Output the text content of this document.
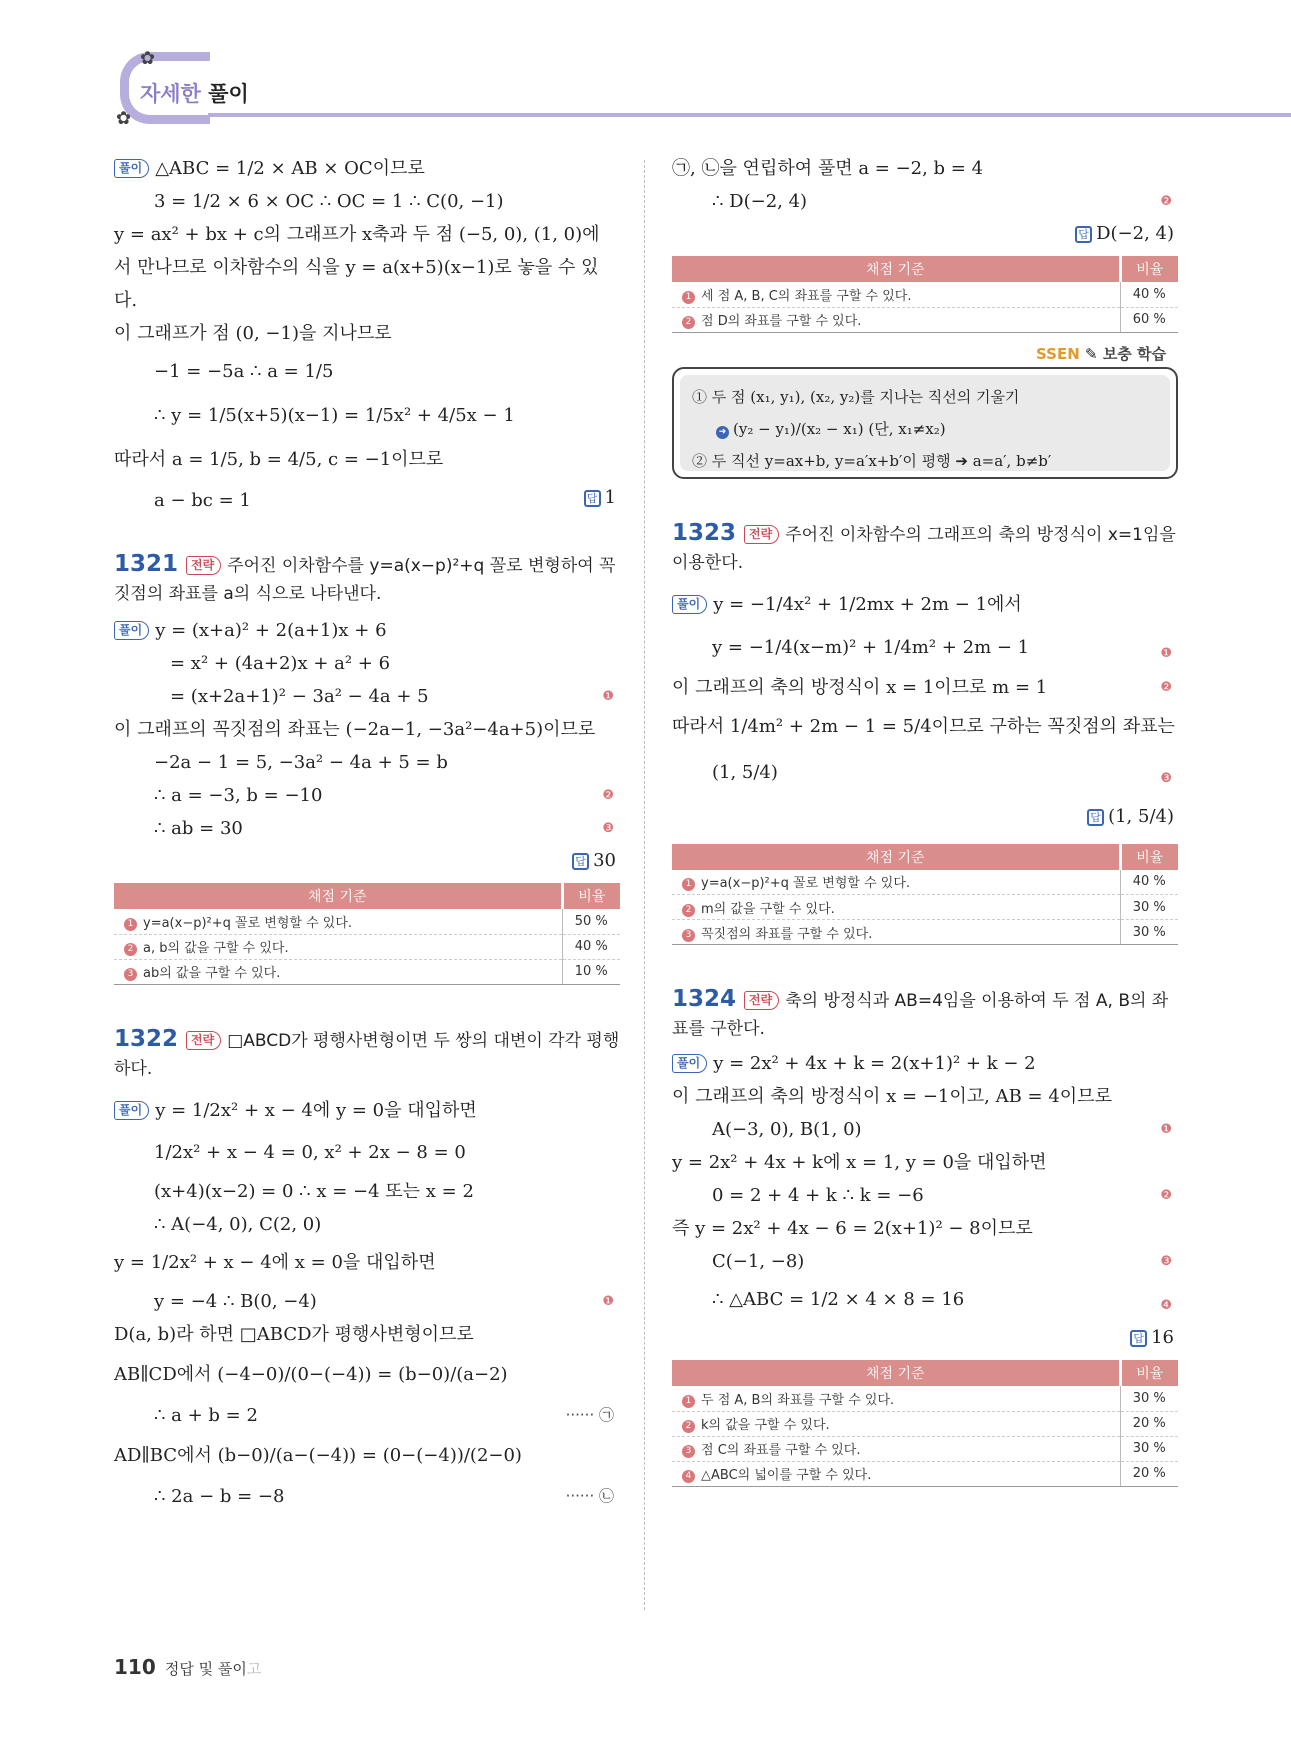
✿
✿
자세한 풀이
풀이 △ABC = 1/2 × AB × OC이므로
3 = 1/2 × 6 × OC ∴ OC = 1 ∴ C(0, −1)
y = ax² + bx + c의 그래프가 x축과 두 점 (−5, 0), (1, 0)에 서 만나므로 이차함수의 식을 y = a(x+5)(x−1)로 놓을 수 있다.
이 그래프가 점 (0, −1)을 지나므로
−1 = −5a ∴ a = 1/5
∴ y = 1/5(x+5)(x−1) = 1/5x² + 4/5x − 1
따라서 a = 1/5, b = 4/5, c = −1이므로
a − bc = 1	답 1
1321 전략 주어진 이차함수를 y=a(x−p)²+q 꼴로 변형하여 꼭짓점의 좌표를 a의 식으로 나타낸다.
풀이 y = (x+a)² + 2(a+1)x + 6
= x² + (4a+2)x + a² + 6
= (x+2a+1)² − 3a² − 4a + 5	❶
이 그래프의 꼭짓점의 좌표는 (−2a−1, −3a²−4a+5)이므로
−2a − 1 = 5, −3a² − 4a + 5 = b
∴ a = −3, b = −10	❷
∴ ab = 30	❸
답 30
채점 기준	비율
1 y=a(x−p)²+q 꼴로 변형할 수 있다.	50 %
2 a, b의 값을 구할 수 있다.	40 %
3 ab의 값을 구할 수 있다.	10 %
1322 전략 □ABCD가 평행사변형이면 두 쌍의 대변이 각각 평행하다.
풀이 y = 1/2x² + x − 4에 y = 0을 대입하면
1/2x² + x − 4 = 0, x² + 2x − 8 = 0
(x+4)(x−2) = 0 ∴ x = −4 또는 x = 2
∴ A(−4, 0), C(2, 0)
y = 1/2x² + x − 4에 x = 0을 대입하면
y = −4 ∴ B(0, −4)	❶
D(a, b)라 하면 □ABCD가 평행사변형이므로
AB∥CD에서 (−4−0)/(0−(−4)) = (b−0)/(a−2)
∴ a + b = 2	······ ㉠
AD∥BC에서 (b−0)/(a−(−4)) = (0−(−4))/(2−0)
∴ 2a − b = −8	······ ㉡
㉠, ㉡을 연립하여 풀면 a = −2, b = 4
∴ D(−2, 4)	❷
답 D(−2, 4)
채점 기준	비율
1 세 점 A, B, C의 좌표를 구할 수 있다.	40 %
2 점 D의 좌표를 구할 수 있다.	60 %
SSEN ✎ 보충 학습
① 두 점 (x₁, y₁), (x₂, y₂)를 지나는 직선의 기울기
➜ (y₂ − y₁)/(x₂ − x₁) (단, x₁≠x₂)
② 두 직선 y=ax+b, y=a′x+b′이 평행 ➔ a=a′, b≠b′
1323 전략 주어진 이차함수의 그래프의 축의 방정식이 x=1임을 이용한다.
풀이 y = −1/4x² + 1/2mx + 2m − 1에서
y = −1/4(x−m)² + 1/4m² + 2m − 1	❶
이 그래프의 축의 방정식이 x = 1이므로 m = 1	❷
따라서 1/4m² + 2m − 1 = 5/4이므로 구하는 꼭짓점의 좌표는
(1, 5/4)	❸
답 (1, 5/4)
채점 기준	비율
1 y=a(x−p)²+q 꼴로 변형할 수 있다.	40 %
2 m의 값을 구할 수 있다.	30 %
3 꼭짓점의 좌표를 구할 수 있다.	30 %
1324 전략 축의 방정식과 AB=4임을 이용하여 두 점 A, B의 좌표를 구한다.
풀이 y = 2x² + 4x + k = 2(x+1)² + k − 2
이 그래프의 축의 방정식이 x = −1이고, AB = 4이므로
A(−3, 0), B(1, 0)	❶
y = 2x² + 4x + k에 x = 1, y = 0을 대입하면
0 = 2 + 4 + k ∴ k = −6	❷
즉 y = 2x² + 4x − 6 = 2(x+1)² − 8이므로
C(−1, −8)	❸
∴ △ABC = 1/2 × 4 × 8 = 16	❹
답 16
채점 기준	비율
1 두 점 A, B의 좌표를 구할 수 있다.	30 %
2 k의 값을 구할 수 있다.	20 %
3 점 C의 좌표를 구할 수 있다.	30 %
4 △ABC의 넓이를 구할 수 있다.	20 %
110 정답 및 풀이고
